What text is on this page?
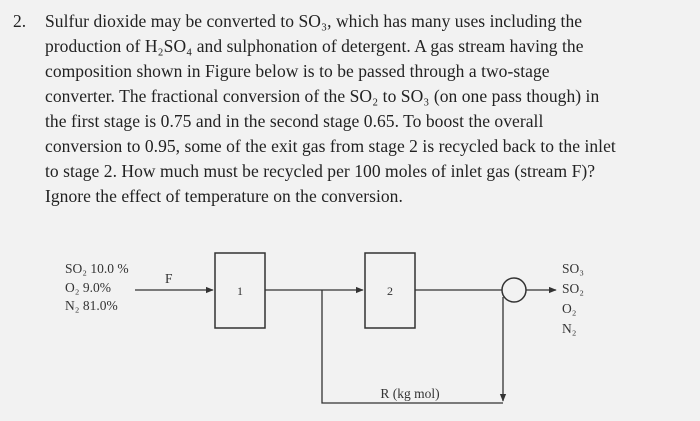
2. Sulfur dioxide may be converted to SO₃, which has many uses including the
production of H₂SO₄ and sulphonation of detergent. A gas stream having the
composition shown in Figure below is to be passed through a two-stage
converter. The fractional conversion of the SO₂ to SO₃ (on one pass though) in
the first stage is 0.75 and in the second stage 0.65. To boost the overall
conversion to 0.95, some of the exit gas from stage 2 is recycled back to the inlet
to stage 2. How much must be recycled per 100 moles of inlet gas (stream F)?
Ignore the effect of temperature on the conversion.
SO₂ 10.0 %
O₂ 9.0%
N₂ 81.0%
F
1
R (kg mol)
2
SO₃
SO₂
O₂
N₂
